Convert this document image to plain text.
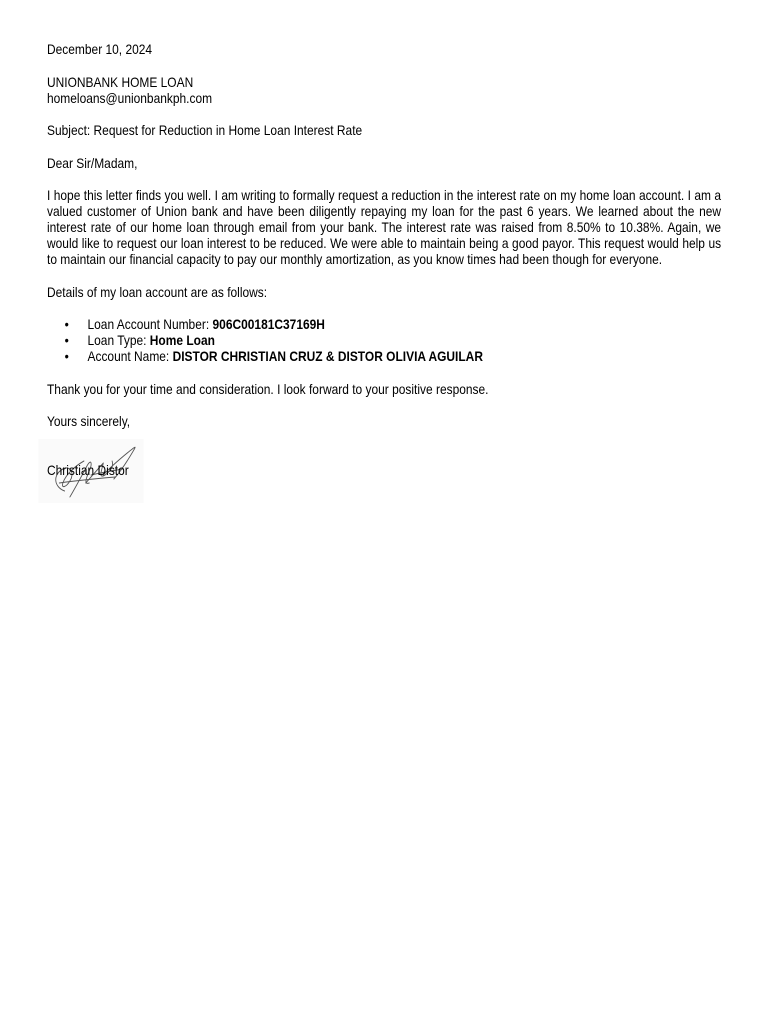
December 10, 2024

UNIONBANK HOME LOAN

homeloans@unionbankph.com

Subject: Request for Reduction in Home Loan Interest Rate

Dear Sir/Madam,

I hope this letter finds you well. I am writing to formally request a reduction in the interest rate on my home loan account. I am a valued customer of Union bank and have been diligently repaying my loan for the past 6 years. We learned about the new interest rate of our home loan through email from your bank. The interest rate was raised from 8.50% to 10.38%. Again, we would like to request our loan interest to be reduced. We were able to maintain being a good payor. This request would help us to maintain our financial capacity to pay our monthly amortization, as you know times had been though for everyone.

Details of my loan account are as follows:

• Loan Account Number: 906C00181C37169H
• Loan Type: Home Loan
• Account Name: DISTOR CHRISTIAN CRUZ & DISTOR OLIVIA AGUILAR

Thank you for your time and consideration. I look forward to your positive response.

Yours sincerely,

Christian Distor
